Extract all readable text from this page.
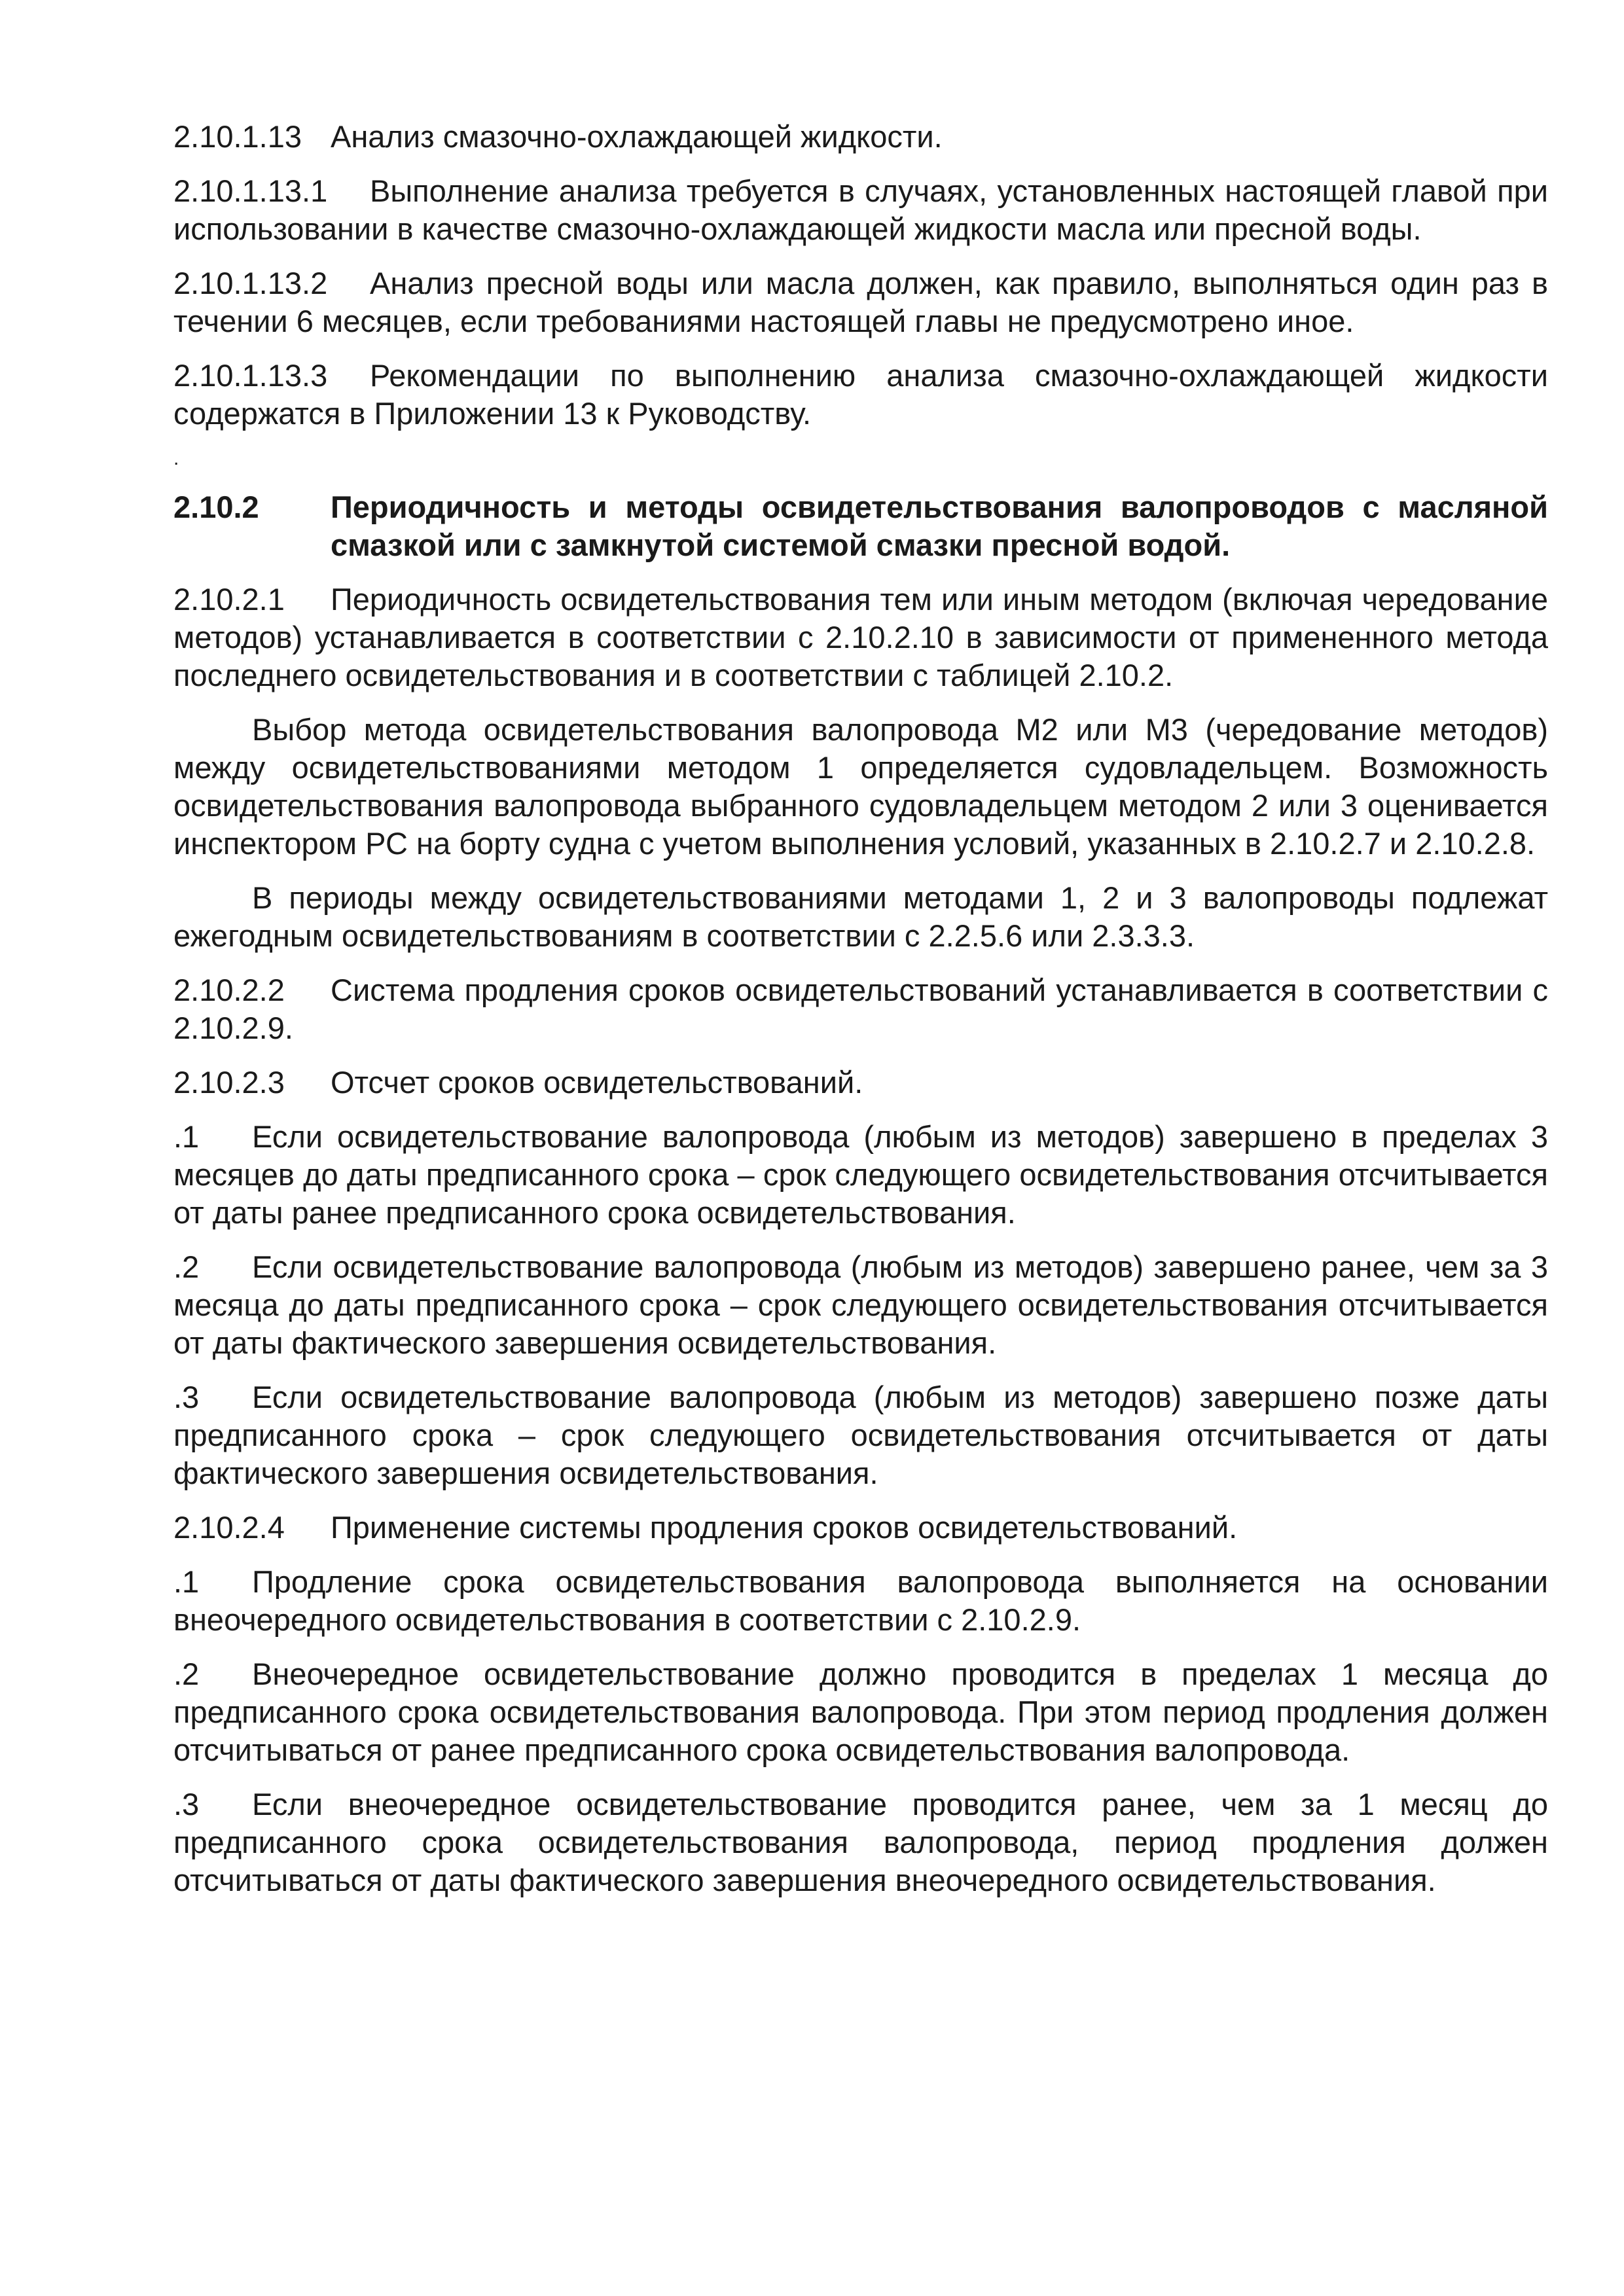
2.10.1.13 Анализ смазочно-охлаждающей жидкости.

2.10.1.13.1 Выполнение анализа требуется в случаях, установленных настоящей главой при использовании в качестве смазочно-охлаждающей жидкости масла или пресной воды.

2.10.1.13.2 Анализ пресной воды или масла должен, как правило, выполняться один раз в течении 6 месяцев, если требованиями настоящей главы не предусмотрено иное.

2.10.1.13.3 Рекомендации по выполнению анализа смазочно-охлаждающей жидкости содержатся в Приложении 13 к Руководству.

.
2.10.2	Периодичность и методы освидетельствования валопроводов с масляной смазкой или с замкнутой системой смазки пресной водой.

2.10.2.1 Периодичность освидетельствования тем или иным методом (включая чередование методов) устанавливается в соответствии с 2.10.2.10 в зависимости от примененного метода последнего освидетельствования и в соответствии с таблицей 2.10.2.

Выбор метода освидетельствования валопровода М2 или М3 (чередование методов) между освидетельствованиями методом 1 определяется судовладельцем. Возможность освидетельствования валопровода выбранного судовладельцем методом 2 или 3 оценивается инспектором РС на борту судна с учетом выполнения условий, указанных в 2.10.2.7 и 2.10.2.8.

В периоды между освидетельствованиями методами 1, 2 и 3 валопроводы подлежат ежегодным освидетельствованиям в соответствии с 2.2.5.6 или 2.3.3.3.

2.10.2.2 Система продления сроков освидетельствований устанавливается в соответствии с 2.10.2.9.

2.10.2.3 Отсчет сроков освидетельствований.

.1 Если освидетельствование валопровода (любым из методов) завершено в пределах 3 месяцев до даты предписанного срока – срок следующего освидетельствования отсчитывается от даты ранее предписанного срока освидетельствования.

.2 Если освидетельствование валопровода (любым из методов) завершено ранее, чем за 3 месяца до даты предписанного срока – срок следующего освидетельствования отсчитывается от даты фактического завершения освидетельствования.

.3 Если освидетельствование валопровода (любым из методов) завершено позже даты предписанного срока – срок следующего освидетельствования отсчитывается от даты фактического завершения освидетельствования.

2.10.2.4 Применение системы продления сроков освидетельствований.

.1 Продление срока освидетельствования валопровода выполняется на основании внеочередного освидетельствования в соответствии с 2.10.2.9.

.2 Внеочередное освидетельствование должно проводится в пределах 1 месяца до предписанного срока освидетельствования валопровода. При этом период продления должен отсчитываться от ранее предписанного срока освидетельствования валопровода.

.3 Если внеочередное освидетельствование проводится ранее, чем за 1 месяц до предписанного срока освидетельствования валопровода, период продления должен отсчитываться от даты фактического завершения внеочередного освидетельствования.
